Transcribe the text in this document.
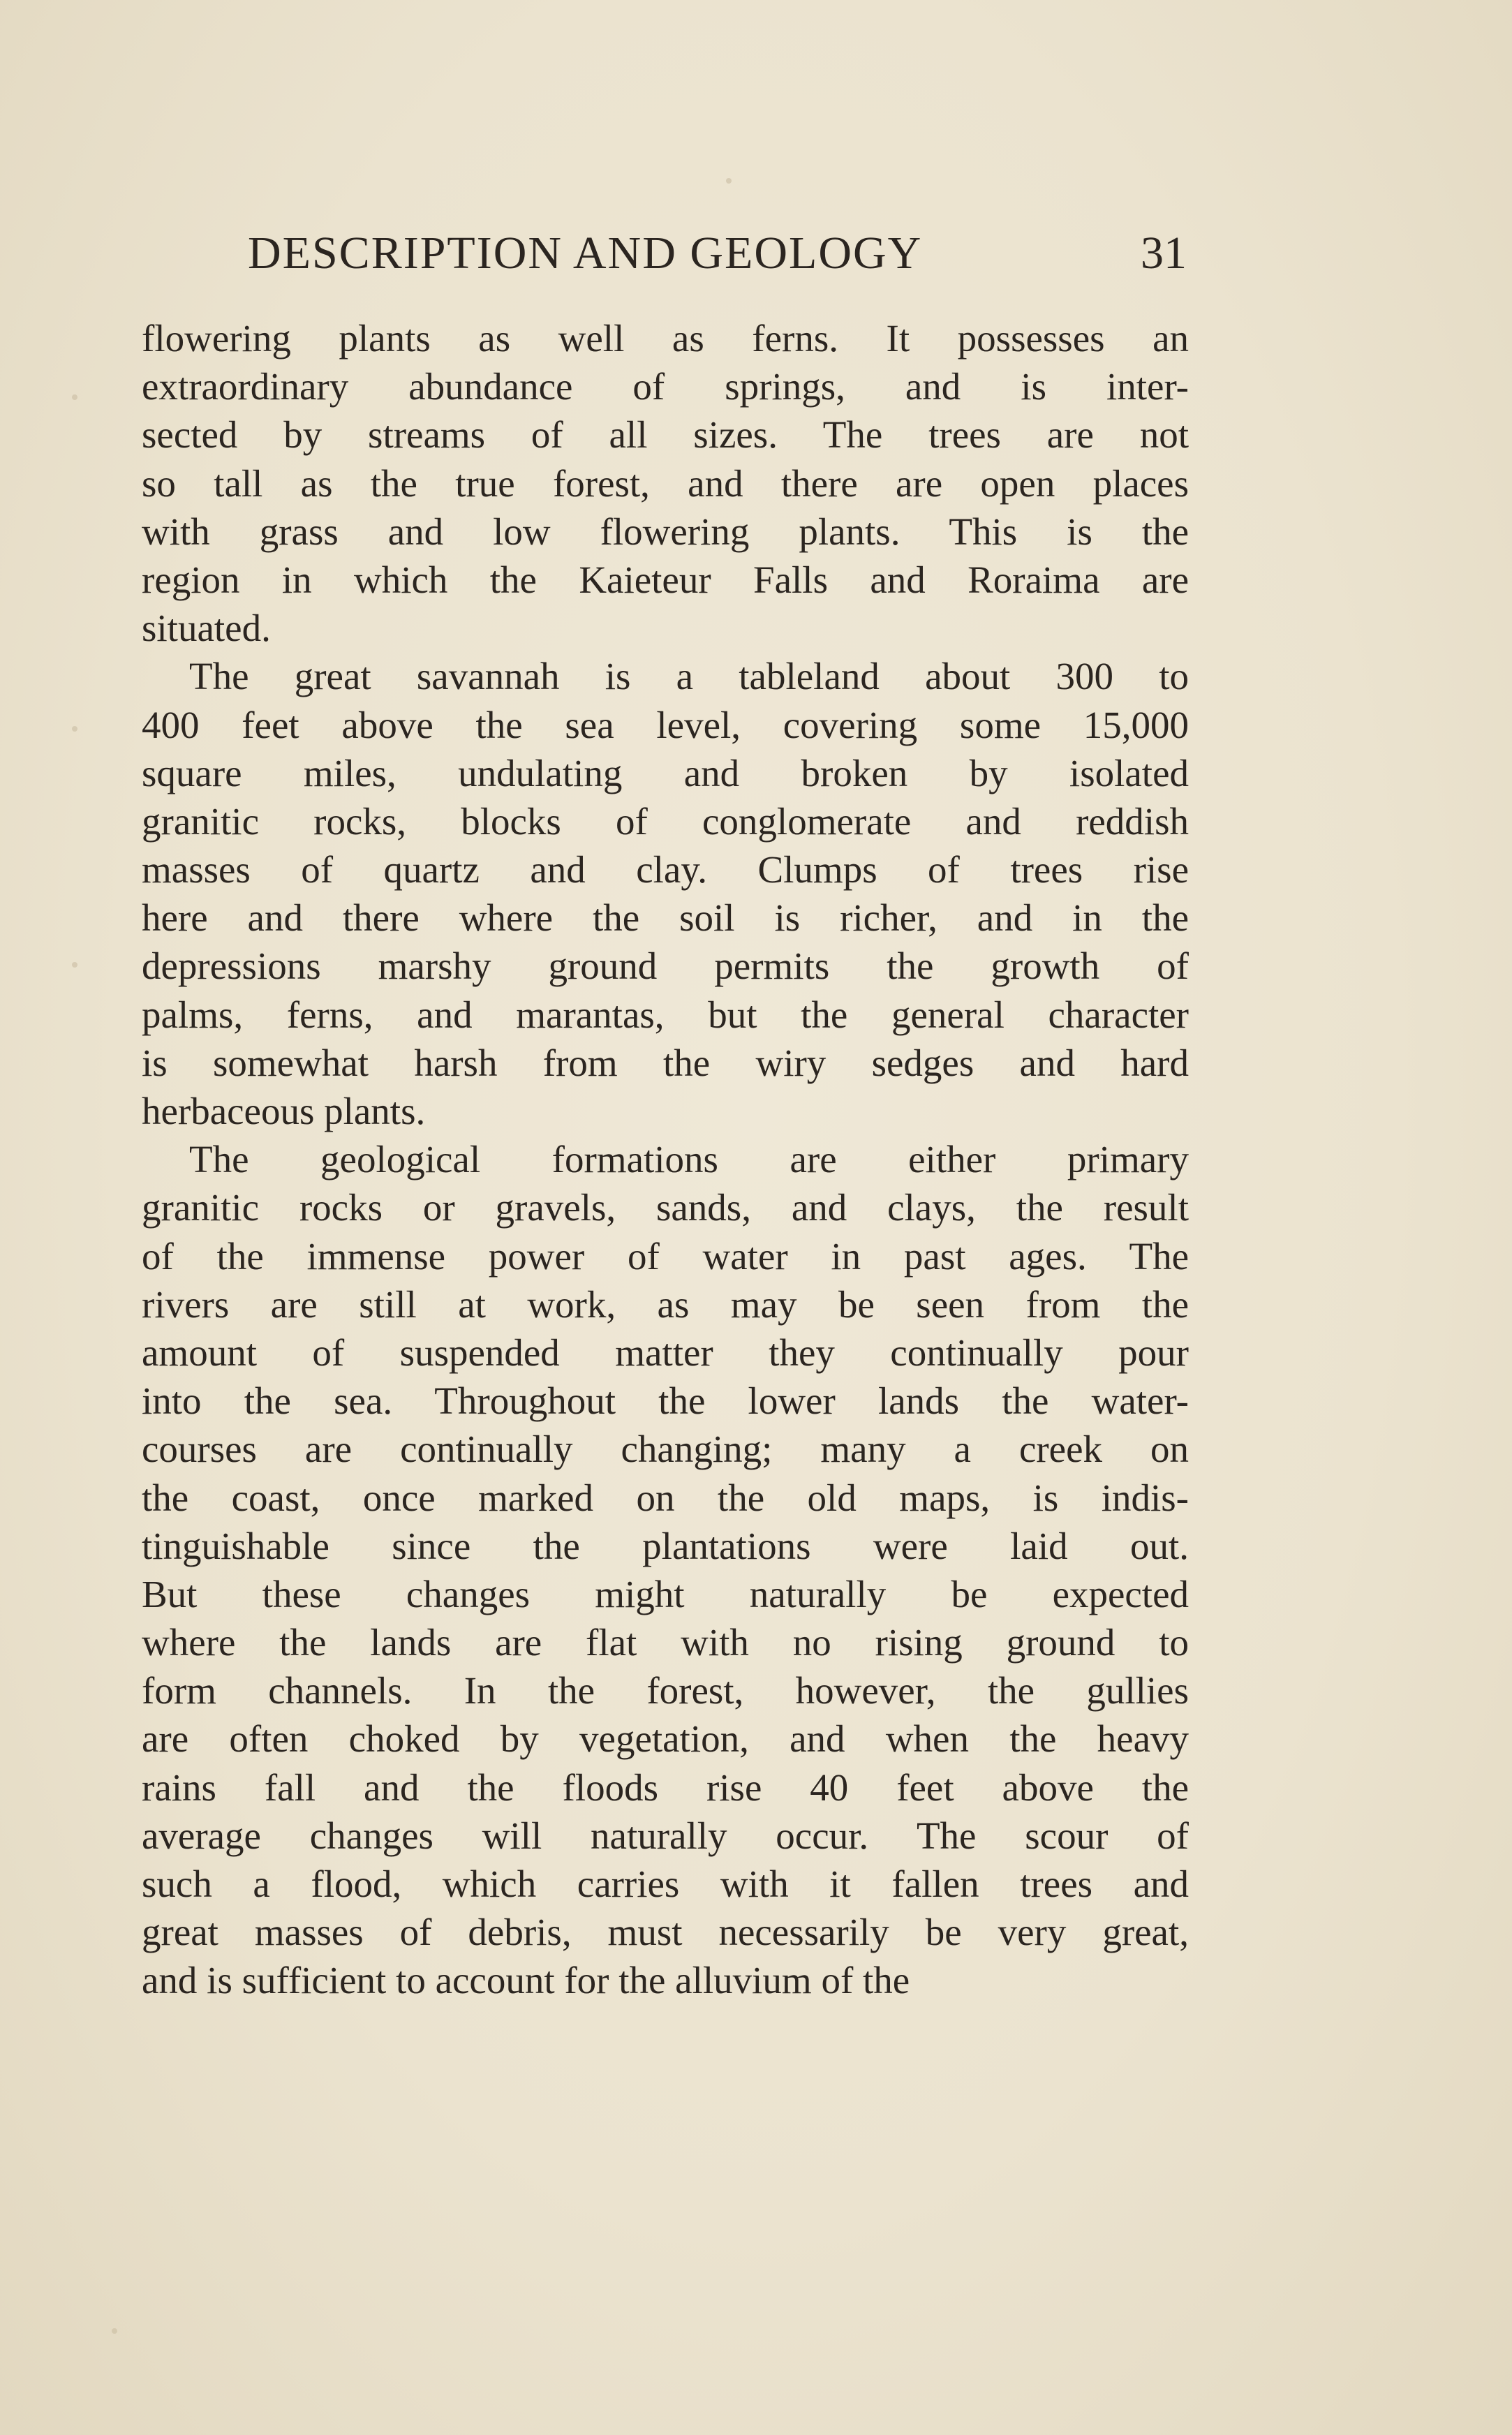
DESCRIPTION AND GEOLOGY	31
flowering plants as well as ferns. It possesses an
extraordinary abundance of springs, and is inter-
sected by streams of all sizes. The trees are not
so tall as the true forest, and there are open places
with grass and low flowering plants. This is the
region in which the Kaieteur Falls and Roraima are
situated.
The great savannah is a tableland about 300 to
400 feet above the sea level, covering some 15,000
square miles, undulating and broken by isolated
granitic rocks, blocks of conglomerate and reddish
masses of quartz and clay. Clumps of trees rise
here and there where the soil is richer, and in the
depressions marshy ground permits the growth of
palms, ferns, and marantas, but the general character
is somewhat harsh from the wiry sedges and hard
herbaceous plants.
The geological formations are either primary
granitic rocks or gravels, sands, and clays, the result
of the immense power of water in past ages. The
rivers are still at work, as may be seen from the
amount of suspended matter they continually pour
into the sea. Throughout the lower lands the water-
courses are continually changing; many a creek on
the coast, once marked on the old maps, is indis-
tinguishable since the plantations were laid out.
But these changes might naturally be expected
where the lands are flat with no rising ground to
form channels. In the forest, however, the gullies
are often choked by vegetation, and when the heavy
rains fall and the floods rise 40 feet above the
average changes will naturally occur. The scour of
such a flood, which carries with it fallen trees and
great masses of debris, must necessarily be very great,
and is sufficient to account for the alluvium of the
